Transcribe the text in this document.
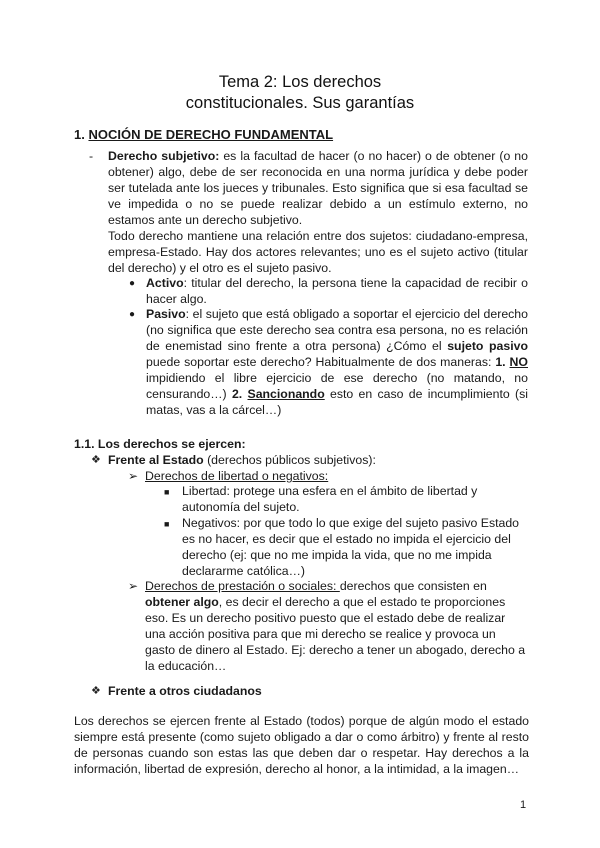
Tema 2: Los derechos
constitucionales. Sus garantías
1. NOCIÓN DE DERECHO FUNDAMENTAL
- Derecho subjetivo: es la facultad de hacer (o no hacer) o de obtener (o no obtener) algo, debe de ser reconocida en una norma jurídica y debe poder ser tutelada ante los jueces y tribunales. Esto significa que si esa facultad se ve impedida o no se puede realizar debido a un estímulo externo, no estamos ante un derecho subjetivo.
Todo derecho mantiene una relación entre dos sujetos: ciudadano-empresa, empresa-Estado. Hay dos actores relevantes; uno es el sujeto activo (titular del derecho) y el otro es el sujeto pasivo.
● Activo: titular del derecho, la persona tiene la capacidad de recibir o hacer algo.
● Pasivo: el sujeto que está obligado a soportar el ejercicio del derecho (no significa que este derecho sea contra esa persona, no es relación de enemistad sino frente a otra persona) ¿Cómo el sujeto pasivo puede soportar este derecho? Habitualmente de dos maneras: 1. NO impidiendo el libre ejercicio de ese derecho (no matando, no censurando…) 2. Sancionando esto en caso de incumplimiento (si matas, vas a la cárcel…)
1.1. Los derechos se ejercen:
❖ Frente al Estado (derechos públicos subjetivos):
➢ Derechos de libertad o negativos:
■ Libertad: protege una esfera en el ámbito de libertad y autonomía del sujeto.
■ Negativos: por que todo lo que exige del sujeto pasivo Estado es no hacer, es decir que el estado no impida el ejercicio del derecho (ej: que no me impida la vida, que no me impida declararme católica…)
➢ Derechos de prestación o sociales: derechos que consisten en obtener algo, es decir el derecho a que el estado te proporciones eso. Es un derecho positivo puesto que el estado debe de realizar una acción positiva para que mi derecho se realice y provoca un gasto de dinero al Estado. Ej: derecho a tener un abogado, derecho a la educación…
❖ Frente a otros ciudadanos
Los derechos se ejercen frente al Estado (todos) porque de algún modo el estado siempre está presente (como sujeto obligado a dar o como árbitro) y frente al resto de personas cuando son estas las que deben dar o respetar. Hay derechos a la información, libertad de expresión, derecho al honor, a la intimidad, a la imagen…
1
